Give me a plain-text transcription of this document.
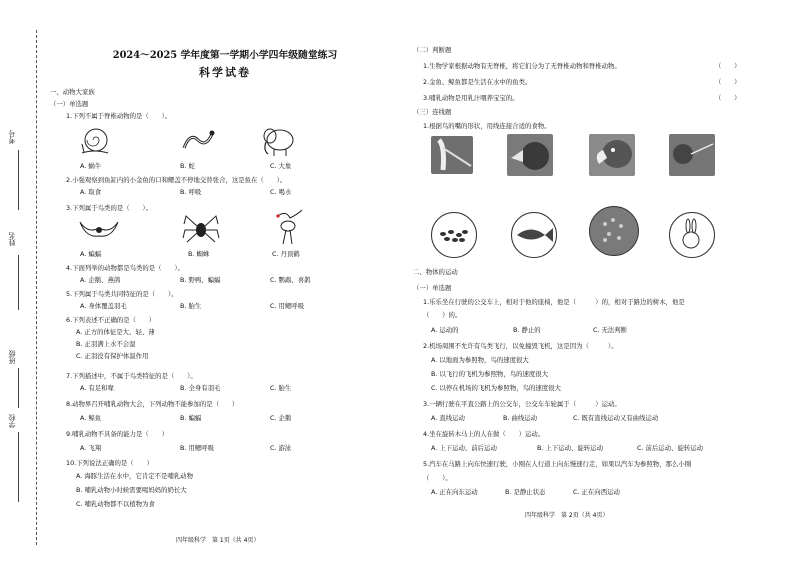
考号
姓名
班级
学校
2024～2025 学年度第一学期小学四年级随堂练习
科学试卷
一、动物大家族
（一）单选题
1.下列不属于脊椎动物的是（　　）。
A. 蜗牛	B. 蛇	C. 大象
2.小强观察到鱼缸内的小金鱼的口和鳃盖不停地交替张合，这是鱼在（　　）。
A. 取食	B. 呼吸	C. 喝水
3.下列属于鸟类的是（　　）。
A. 蝙蝠	B. 蜘蛛	C. 丹顶鹤
4.下面列举的动物都是鸟类的是（　　）。
A. 企鹅、燕鸽	B. 野鸭、蝙蝠	C. 鹦鹉、喜鹊
5.下列属于鸟类共同特征的是（　　）。
A. 身体覆盖羽毛	B. 胎生	C. 用鳃呼吸
6.下列表述不正确的是（　　）
A. 正方的体征是大、轻、薄
B. 正羽满上水不会湿
C. 正羽没有保护体温作用
7.下列描述中，不属于鸟类特征的是（　　）。
A. 有足和喙	B. 全身有羽毛	C. 胎生
8.动物界召开哺乳动物大会，下列动物不能参加的是（　　）
A. 鲸鱼	B. 蝙蝠	C. 企鹅
9.哺乳动物不具备的能力是（　　）
A. 飞翔	B. 用鳃呼吸	C. 游泳
10.下列说法正确的是（　　）
A. 海豚生活在水中，它肯定不是哺乳动物
B. 哺乳动物小时候需要喝妈妈的奶长大
C. 哺乳动物都不以植物为食
四年级科学　第 1页（共 4页）
（二）判断题
1.生物学家根据动物有无脊椎，将它们分为了无脊椎动物和脊椎动物。	（　　）
2.金鱼、鲸鱼都是生活在水中的鱼类。	（　　）
3.哺乳动物是用乳汁喂养宝宝的。	（　　）
（三）连线题
1.根据鸟的嘴的形状，用线连接合适的食物。
二、物体的运动
（一）单选题
1.乐乐坐在行驶的公交车上，相对于他的座椅，他是（　　　）的，相对于路边的树木，他是
（　　）的。
A. 运动的	B. 静止的	C. 无法判断
2.机场周围不允许有鸟类飞行，以免撞毁飞机，这是因为（　　　）。
A. 以地面为参照物，鸟的速度很大
B. 以飞行的飞机为参照物，鸟的速度很大
C. 以停在机场的飞机为参照物，鸟的速度很大
3.一辆行驶在平直公路上的公交车，公交车车轮属于（　　　）运动。
A. 直线运动	B. 曲线运动	C. 既有直线运动又有曲线运动
4.坐在旋转木马上的人在做（　　）运动。
A. 上下运动、前后运动	B. 上下运动、旋转运动	C. 前后运动、旋转运动
5.汽车在马路上向东快速行驶，小刚在人行道上向东慢速行走，如果以汽车为参照物，那么小刚
（　　）。
A. 正在向东运动	B. 是静止状态	C. 正在向西运动
四年级科学　第 2页（共 4页）
